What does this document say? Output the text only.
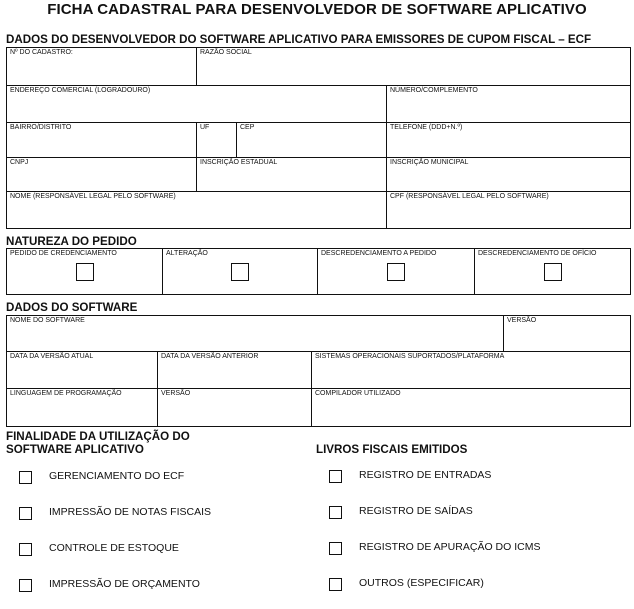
FICHA CADASTRAL PARA DESENVOLVEDOR DE SOFTWARE APLICATIVO
DADOS DO DESENVOLVEDOR DO SOFTWARE APLICATIVO PARA EMISSORES DE CUPOM FISCAL – ECF
Nº DO CADASTRO:	RAZÃO SOCIAL		

ENDEREÇO COMERCIAL (LOGRADOURO)			NÚMERO/COMPLEMENTO

BAIRRO/DISTRITO	UF	CEP	TELEFONE (DDD+N.º)

CNPJ	INSCRIÇÃO ESTADUAL		INSCRIÇÃO MUNICIPAL

NOME (RESPONSÁVEL LEGAL PELO SOFTWARE)			CPF (RESPONSÁVEL LEGAL PELO SOFTWARE)
NATUREZA DO PEDIDO
PEDIDO DE CREDENCIAMENTO	ALTERAÇÃO	DESCREDENCIAMENTO A PEDIDO	DESCREDENCIAMENTO DE OFÍCIO
DADOS DO SOFTWARE
NOME DO SOFTWARE			VERSÃO

DATA DA VERSÃO ATUAL	DATA DA VERSÃO ANTERIOR	SISTEMAS OPERACIONAIS SUPORTADOS/PLATAFORMA	

LINGUAGEM DE PROGRAMAÇÃO	VERSÃO	COMPILADOR UTILIZADO	
FINALIDADE DA UTILIZAÇÃO DO
SOFTWARE APLICATIVO	LIVROS FISCAIS EMITIDOS
GERENCIAMENTO DO ECF
IMPRESSÃO DE NOTAS FISCAIS
CONTROLE DE ESTOQUE
IMPRESSÃO DE ORÇAMENTO
REGISTRO DE ENTRADAS
REGISTRO DE SAÍDAS
REGISTRO DE APURAÇÃO DO ICMS
OUTROS (ESPECIFICAR)
